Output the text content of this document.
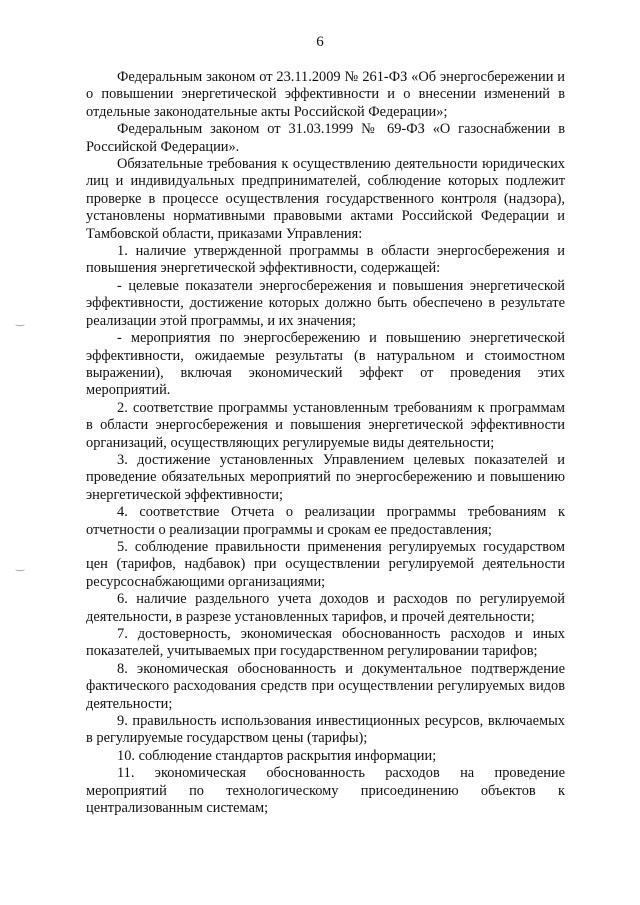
6
‿
‿

Федеральным законом от 23.11.2009 № 261-ФЗ «Об энергосбережении и о повышении энергетической эффективности и о внесении изменений в отдельные законодательные акты Российской Федерации»;

Федеральным законом от 31.03.1999 № 69-ФЗ «О газоснабжении в Российской Федерации».

Обязательные требования к осуществлению деятельности юридических лиц и индивидуальных предпринимателей, соблюдение которых подлежит проверке в процессе осуществления государственного контроля (надзора), установлены нормативными правовыми актами Российской Федерации и Тамбовской области, приказами Управления:

1. наличие утвержденной программы в области энергосбережения и повышения энергетической эффективности, содержащей:

- целевые показатели энергосбережения и повышения энергетической эффективности, достижение которых должно быть обеспечено в результате реализации этой программы, и их значения;

- мероприятия по энергосбережению и повышению энергетической эффективности, ожидаемые результаты (в натуральном и стоимостном выражении), включая экономический эффект от проведения этих мероприятий.

2. соответствие программы установленным требованиям к программам в области энергосбережения и повышения энергетической эффективности организаций, осуществляющих регулируемые виды деятельности;

3. достижение установленных Управлением целевых показателей и проведение обязательных мероприятий по энергосбережению и повышению энергетической эффективности;

4. соответствие Отчета о реализации программы требованиям к отчетности о реализации программы и срокам ее предоставления;

5. соблюдение правильности применения регулируемых государством цен (тарифов, надбавок) при осуществлении регулируемой деятельности ресурсоснабжающими организациями;

6. наличие раздельного учета доходов и расходов по регулируемой деятельности, в разрезе установленных тарифов, и прочей деятельности;

7. достоверность, экономическая обоснованность расходов и иных показателей, учитываемых при государственном регулировании тарифов;

8. экономическая обоснованность и документальное подтверждение фактического расходования средств при осуществлении регулируемых видов деятельности;

9. правильность использования инвестиционных ресурсов, включаемых в регулируемые государством цены (тарифы);

10. соблюдение стандартов раскрытия информации;

11. экономическая обоснованность расходов на проведение мероприятий по технологическому присоединению объектов к централизованным системам;
